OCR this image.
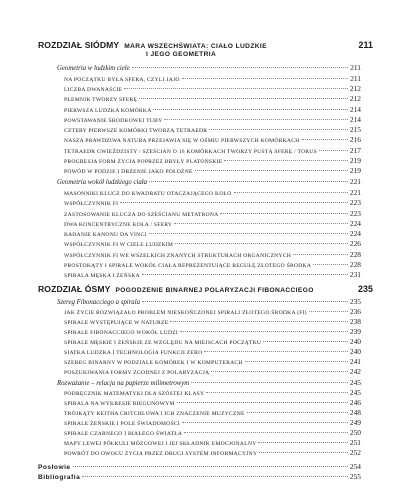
ROZDZIAŁ SIÓDMY MARA WSZECHŚWIATA: CIAŁO LUDZKIE	211
I JEGO GEOMETRIA
Geometria w ludzkim ciele	211
NA POCZĄTKU BYŁA SFERA, CZYLI JAJO	211
LICZBA DWANAŚCIE	212
PŁEMNIK TWORZY SFERĘ	212
PIERWSZA LUDZKA KOMÓRKA	214
POWSTAWANIE ŚRODKOWEJ TUBY	214
CZTERY PIERWSZE KOMÓRKI TWORZĄ TETRAEDR	215
NASZA PRAWDZIWA NATURA PRZEJAWIA SIĘ W OŚMIU PIERWSZYCH KOMÓRKACH	216
TETRAEDR GWIEŹDZISTY / SZEŚCIAN O 16 KOMÓRKACH TWORZY PUSTĄ SFERĘ / TORUS	217
PROGRESJA FORM ŻYCIA POPRZEZ BRYŁY PLATOŃSKIE	219
POWÓD W PODZIE I DRŻENIE JAKO POŁOŻNE	219
Geometria wokół ludzkiego ciała	221
MASONNIKI KLUCZ DO KWADRATU OTACZAJĄCEGO KOŁO	221
WSPÓŁCZYNNIK FI	223
ZASTOSOWANIE KLUCZA DO SZEŚCIANU METATRONA	223
DWA KONCENTRYCZNE KOŁA / SFERY	224
BADANIE KANONU DA VINCI	224
WSPÓŁCZYNNIK FI W CIELE LUDZKIM	226
WSPÓŁCZYNNIK FI WE WSZELKICH ZNANYCH STRUKTURACH ORGANICZNYCH	228
PROSTOKĄTY I SPIRALE WOKÓŁ CIAŁA REPREZENTUJĄCE REGUŁĘ ZŁOTEGO ŚRODKA	228
SPIRALA MĘSKA I ŻEŃSKA	231
ROZDZIAŁ ÓSMY POGODZENIE BINARNEJ POLARYZACJI FIBONACCIEGO	235
Szereg Fibonacciego a spirala	235
JAK ŻYCIE ROZWIĄZAŁO PROBLEM NIESKOŃCZONEJ SPIRALI ZŁOTEGO ŚRODKA (FI)	236
SPIRALE WYSTĘPUJĄCE W NATURZE	238
SPIRALE FIBONACCIEGO WOKÓŁ LUDZI	239
SPIRALE MĘSKIE I ŻEŃSKIE ZE WZGLĘDU NA MIEJSCACH POCZĄTKU	240
SIATKA LUDZKA I TECHNOLOGIA FUNKCJI ZERO	240
SZEREG BINARNY W PODZIALE KOMÓREK I W KOMPUTERACH	241
POSZUKIWANIA FORMY ZGODNEJ Z POLARYZACJĄ	242
Rozważanie – relacja na papierze milimetrowym	245
PODRĘCZNIK MATEMATYKI DLA SZÓSTEJ KLASY	245
SPIRALA NA WYKRESIE BIEGUNOWYM	246
TRÓJKĄTY KEITHA CRITCHLOWA I ICH ZNACZENIE MUZYCZNE	248
SPIRALE ŻEŃSKIE I POLE ŚWIADOMOŚCI	249
SPIRALE CZARNEGO I BIAŁEGO ŚWIATŁA	250
MAPY LEWEJ PÓŁKULI MÓZGOWEJ I JEJ SKŁADNIK EMOCJONALNY	251
POWRÓT DO OWOCU ŻYCIA PRZEZ DRUGI SYSTEM INFORMACYJNY	252
Posłowie	254
Bibliografia	255
